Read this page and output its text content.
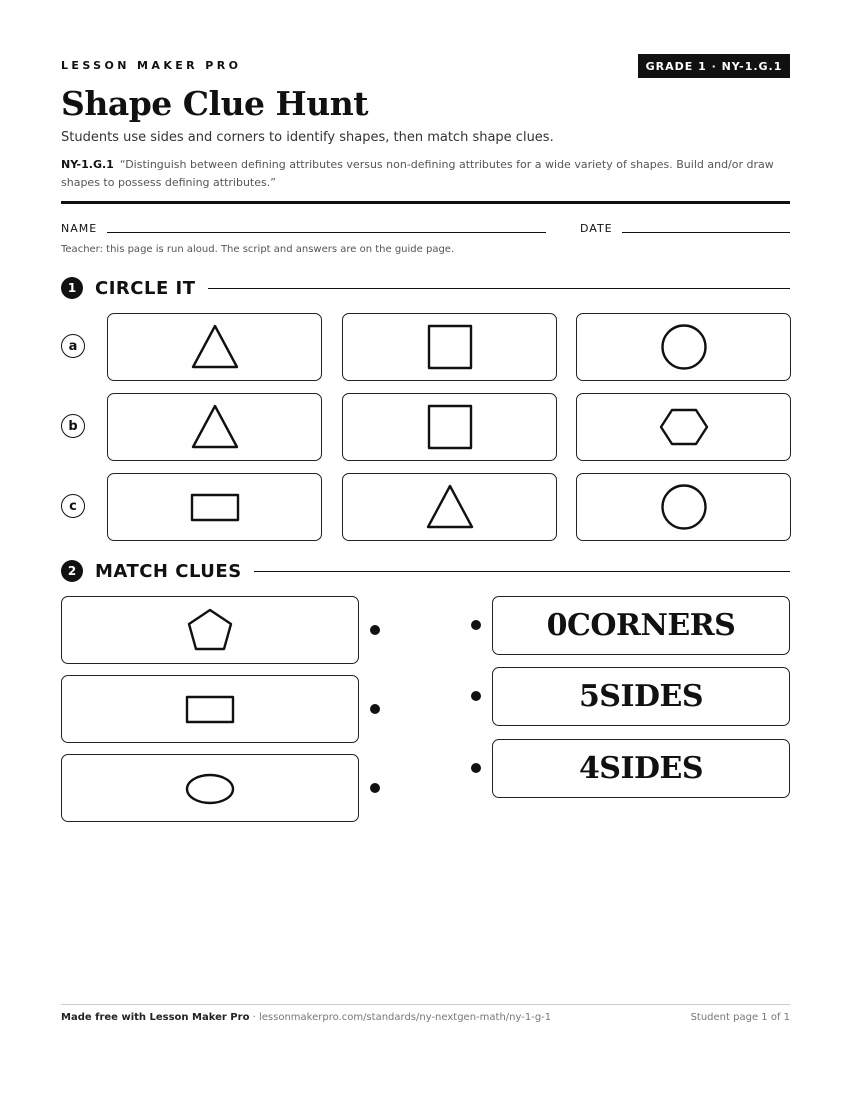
LESSON MAKER PRO	GRADE 1 · NY-1.G.1
Shape Clue Hunt
Students use sides and corners to identify shapes, then match shape clues.
NY-1.G.1 “Distinguish between defining attributes versus non-defining attributes for a wide variety of shapes. Build and/or draw shapes to possess defining attributes.”
NAME	DATE
Teacher: this page is run aloud. The script and answers are on the guide page.
1	CIRCLE IT
a
b
c
2	MATCH CLUES
0CORNERS
5SIDES
4SIDES
Made free with Lesson Maker Pro · lessonmakerpro.com/standards/ny-nextgen-math/ny-1-g-1	Student page 1 of 1
